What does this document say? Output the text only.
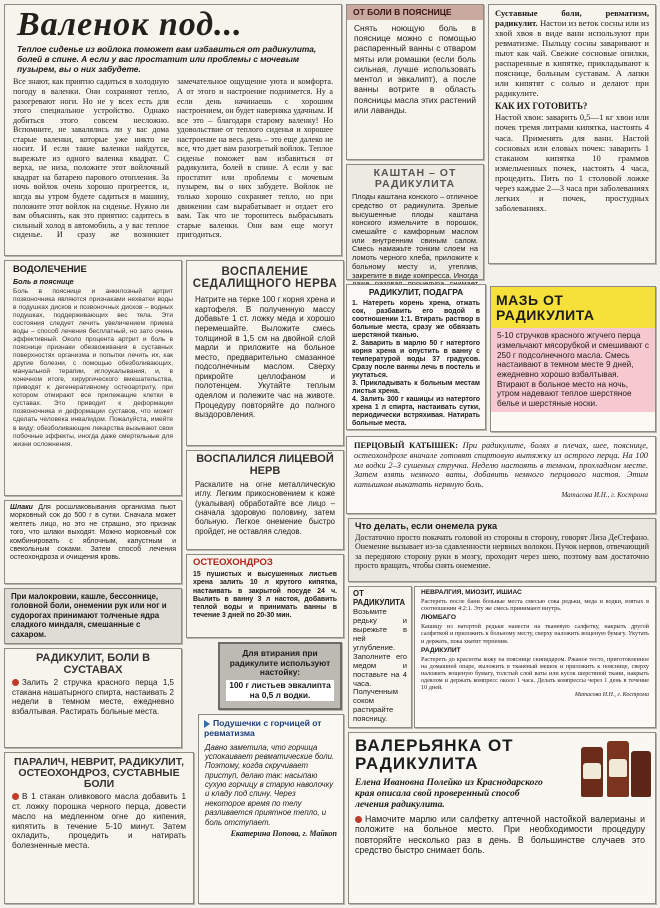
Валенок под...
Теплое сиденье из войлока поможет вам избавиться от радикулита, болей в спине. А если у вас простатит или проблемы с мочевым пузырем, вы о них забудете.
Все знают, как приятно садиться в холодную погоду в валенки. Они сохраняют тепло, разогревают ноги. Но не у всех есть для этого специальное устройство. Однако добиться этого совсем несложно. Вспомните, не завалялись ли у вас дома старые валенки, которые уже никто не носит. И если такие валенки найдутся, вырежьте из одного валенка квадрат. С верха, не низа, положите этот войлочный квадрат на батарею парового отопления. За ночь войлок очень хорошо прогреется, и, когда вы утром будете садиться в машину, положите этот войлок на сиденье. Нужно ли вам объяснять, как это приятно: садитесь в сильный холод в автомобиль, а у вас теплое сиденье. И сразу же возникнет замечательное ощущение уюта и комфорта. А от этого и настроение поднимется. Ну а если день начинаешь с хорошим настроением, он будет наверняка удачным. И все это – благодаря старому валенку! Но удовольствие от теплого сиденья и хорошее настроение на весь день – это еще далеко не все, что дает вам разогретый войлок. Теплое сиденье поможет вам избавиться от радикулита, болей в спине. А если у вас простатит или проблемы с мочевым пузырем, вы о них забудете. Войлок не только хорошо сохраняет тепло, но при движении сам вырабатывает и отдает его вам. Так что не торопитесь выбрасывать старые валенки. Они вам еще могут пригодиться.
ОТ БОЛИ В ПОЯСНИЦЕ
Снять ноющую боль в пояснице можно с помощью распаренный ванны с отваром мяты или ромашки (если боль сильная, лучше использовать ментол и эвкалипт), а после ванны вотрите в область поясницы масла этих растений или лаванды.
Суставные боли, ревматизм, радикулит. Настои из веток сосны или из хвой хвоя в виде ванн используют при ревматизме. Пыльцу сосны заваривают и пьют как чай. Свежие сосновые опилки, распаренные в кипятке, прикладывают к пояснице, больным суставам. А лапки или кипятят с солью и делают при радикулите.
КАК ИХ ГОТОВИТЬ?
Настой хвои: заварить 0,5—1 кг хвои или почек тремя литрами кипятка, настоять 4 часа. Применять для ванн. Настой сосновых или еловых почек: заварить 1 стаканом кипятка 10 граммов измельченных почек, настоять 4 часа, процедить. Пить по 1 столовой ложке через каждые 2—3 часа при заболеваниях легких и почек, простудных заболеваниях.
КАШТАН – ОТ РАДИКУЛИТА
Плоды каштана конского – отличное средство от радикулита. Зрелые высушенные плоды каштана конского измельчите в порошок, смешайте с камфорным маслом или внутренним свиным салом. Смесь намажьте тонким слоем на ломоть черного хлеба, приложите к больному месту и, утеплив, закрепите в виде компресса. Иногда
ВОДОЛЕЧЕНИЕ
Боль в пояснице
Боль в пояснице и анкилозный артрит позвоночника являются признаками нехватки воды в подушках дисков и позвоночных дисков – водных подушках, поддерживающих вес тела. Эти состояния следует лечить увеличением приема воды – способ лечения бесплатный, но зато очень эффективный. Около процента артрит и боль в пояснице признаки обезвоживания в суставных поверхностях организма и попытки лечить их, как другие болезни, с помощью обезболивающих, мануальной терапии, иглоукалывания, и, в конечном итоге, хирургического вмешательства, приводят к дегенеративному остеоартриту, при котором отмирают все прилежащие клетки в суставах. Это приводит к деформации позвоночника и деформации суставов, что может сделать человека инвалидом. Пожалуйста, имейте в виду: обезболивающие лекарства вызывают свои побочные эффекты, иногда даже смертельные для жизни осложнения.
ВОСПАЛЕНИЕ СЕДАЛИЩНОГО НЕРВА
Натрите на терке 100 г корня хрена и картофеля. В полученную массу добавьте 1 ст. ложку меда и хорошо перемешайте. Выложите смесь толщиной в 1,5 см на двойной слой марли и приложите на больное место, предварительно смазанное подсолнечным маслом. Сверху прикройте целлофаном и полотенцем. Укутайте теплым одеялом и полежите час на животе. Процедуру повторяйте до полного выздоровления.
РАДИКУЛИТ, ПОДАГРА
1. Натереть корень хрена, отжать сок, разбавить его водой в соотношении 1:1. Втирать раствор в больные места, сразу же обвязать шерстяной тканью.
2. Заварить в марлю 50 г натертого корня хрена и опустить в ванну с температурой воды 37 градусов. Сразу после ванны лечь в постель и укутаться.
3. Прикладывать к больным местам листья хрена.
4. Залить 300 г кашицы из натертого хрена 1 л спирта, настаивать сутки, периодически встряхивая. Натирать больные места.
МАЗЬ ОТ РАДИКУЛИТА
5-10 стручков красного жгучего перца измельчают мясорубкой и смешивают с 250 г подсолнечного масла. Смесь настаивают в темном месте 9 дней, ежедневно хорошо взбалтывая. Втирают в больное место на ночь, утром надевают теплое шерстяное белье и шерстяные носки.
ВОСПАЛИЛСЯ ЛИЦЕВОЙ НЕРВ
Раскалите на огне металлическую иглу. Легким прикосновением к коже (укалывая) обработайте все лицо – сначала здоровую половину, затем больную. Легкое онемение быстро пройдет, не оставляя следов.
ПЕРЦОВЫЙ КАТЫШЕК: При радикулите, болях в плечах, шее, пояснице, остеохондрозе вначале готовят спиртовую вытяжку из острого перца. На 100 мл водки 2–3 сушеных стручка. Неделю настоять в темном, прохладном месте. Затем взять немного ваты, добавить немного перцового настоя. Этим катышком выкатать нервную боль.
Матасова И.Н., г. Кострома
Шлаки Для росшлаковывания организма пьют морковный сок до 500 г в сутки. Сначала может желтеть лицо, но это не страшно, это признак того, что шлаки выходят. Можно морковный сок комбинировать с яблочным, капустным и свекольным соками. Затем способ лечения остеохондроза и очищения кровь.	ОСТЕОХОНДРОЗ
15 пушистых и высушенных листьев хрена залить 10 л крутого кипятка, настаивать в закрытой посуде 24 ч. Вылить в ванну 3 л настоя, добавить теплой воды и принимать ванны в течение 3 дней по 20-30 мин.
Что делать, если онемела рука
Достаточно просто покачать головой из стороны в сторону, говорят Лиза ДеСтефано. Онемение вызывает из-за сдавленности нервных волокон. Пучок нервов, отвечающий за переднюю сторону руки в мозгу, проходит через шею, поэтому вам достаточно просто вращать, чтобы снять онемение.
При малокровии, кашле, бессоннице, головной боли, онемении рук или ног и судорогах принимают толченые ядра сладкого миндаля, смешанные с сахаром.
ОТ РАДИКУЛИТА Возьмите редьку и вырежьте в ней углубление. Заполните его медом и поставьте на 4 часа. Полученным соком растирайте поясницу.
НЕВРАЛГИЯ, МИОЗИТ, ИШИАС
Растереть после бани больные места смесью сока редьки, меда и водки, взятых в соотношении 4:2:1. Эту же смесь принимают внутрь.
ЛЮМБАГО
Кашицу из натертой редьки нанести на тканевую салфетку, накрыть другой салфеткой и приложить к больному месту, сверху наложить вощеную бумагу. Укутать и держать, пока хватит терпения.
РАДИКУЛИТ
Растереть до красноты кожу на пояснице скипидаром. Ржаное тесто, приготовленное на домашней опаре, выложить в тканевый мешок и приложить к пояснице, сверху наложить вощеную бумагу, толстый слой ваты или кусок шерстяной ткани, накрыть одеялом и держать компресс около 1 часа. Делать компрессы через 1 день в течение 10 дней.
Матасова И.Н., г. Кострома
РАДИКУЛИТ, БОЛИ В СУСТАВАХ
Залить 2 стручка красного перца 1,5 стакана нашатырного спирта, настаивать 2 недели в темном месте, ежедневно взбалтывая. Растирать больные места.
Для втирания при радикулите используют настойку:
100 г листьев эвкалипта на 0,5 л водки.
ПАРАЛИЧ, НЕВРИТ, РАДИКУЛИТ, ОСТЕОХОНДРОЗ, СУСТАВНЫЕ БОЛИ
В 1 стакан оливкового масла добавить 1 ст. ложку порошка черного перца, довести масло на медленном огне до кипения, кипятить в течение 5-10 минут. Затем охладить, процедить и натирать болезненные места.
Подушечки с горчицей от ревматизма
Давно заметила, что горчица успокаивает ревматические боли. Поэтому, когда скручивает приступ, делаю так: насыпаю сухую горчицу в старую наволочку и кладу под спину. Через некоторое время по телу разливается приятное тепло, и боль отступает.
Екатерина Попова, г. Майкоп
ВАЛЕРЬЯНКА ОТ РАДИКУЛИТА
Елена Ивановна Полейко из Краснодарского края описала свой проверенный способ лечения радикулита.
Намочите марлю или салфетку аптечной настойкой валерианы и положите на больное место. При необходимости процедуру повторяйте несколько раз в день. В большинстве случаев это средство быстро снимает боль.
